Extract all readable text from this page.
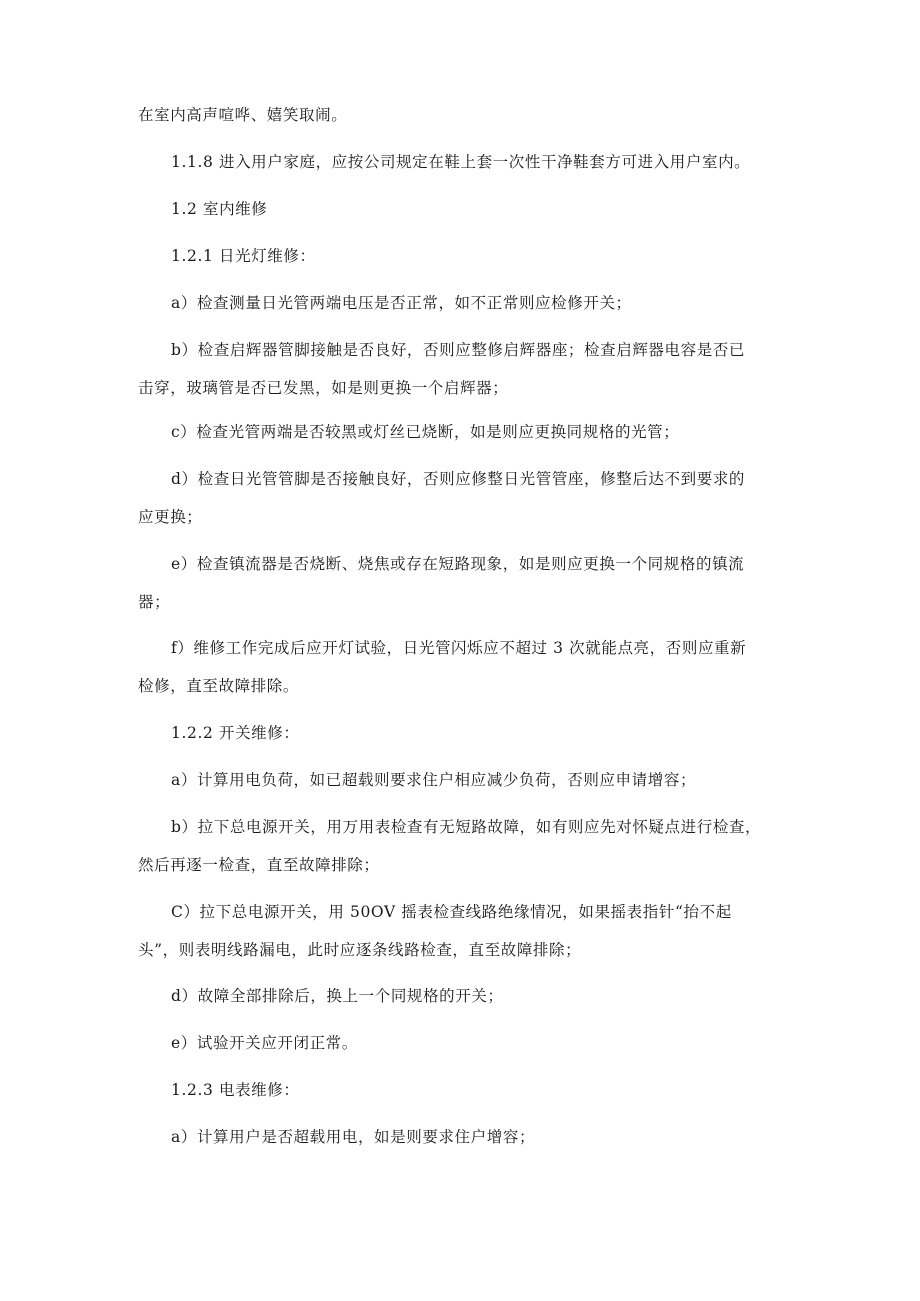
在室内高声喧哗、嬉笑取闹。

1.1.8 进入用户家庭，应按公司规定在鞋上套一次性干净鞋套方可进入用户室内。

1.2 室内维修

1.2.1 日光灯维修：

a）检查测量日光管两端电压是否正常，如不正常则应检修开关；

b）检查启辉器管脚接触是否良好，否则应整修启辉器座；检查启辉器电容是否已
击穿，玻璃管是否已发黑，如是则更换一个启辉器；

c）检查光管两端是否较黑或灯丝已烧断，如是则应更换同规格的光管；

d）检查日光管管脚是否接触良好，否则应修整日光管管座，修整后达不到要求的
应更换；

e）检查镇流器是否烧断、烧焦或存在短路现象，如是则应更换一个同规格的镇流
器；

f）维修工作完成后应开灯试验，日光管闪烁应不超过 3 次就能点亮，否则应重新
检修，直至故障排除。

1.2.2 开关维修：

a）计算用电负荷，如已超载则要求住户相应减少负荷，否则应申请增容；

b）拉下总电源开关，用万用表检查有无短路故障，如有则应先对怀疑点进行检查，
然后再逐一检查，直至故障排除；

C）拉下总电源开关，用 50OV 摇表检查线路绝缘情况，如果摇表指针“抬不起
头”，则表明线路漏电，此时应逐条线路检查，直至故障排除；

d）故障全部排除后，换上一个同规格的开关；

e）试验开关应开闭正常。

1.2.3 电表维修：

a）计算用户是否超载用电，如是则要求住户增容；
